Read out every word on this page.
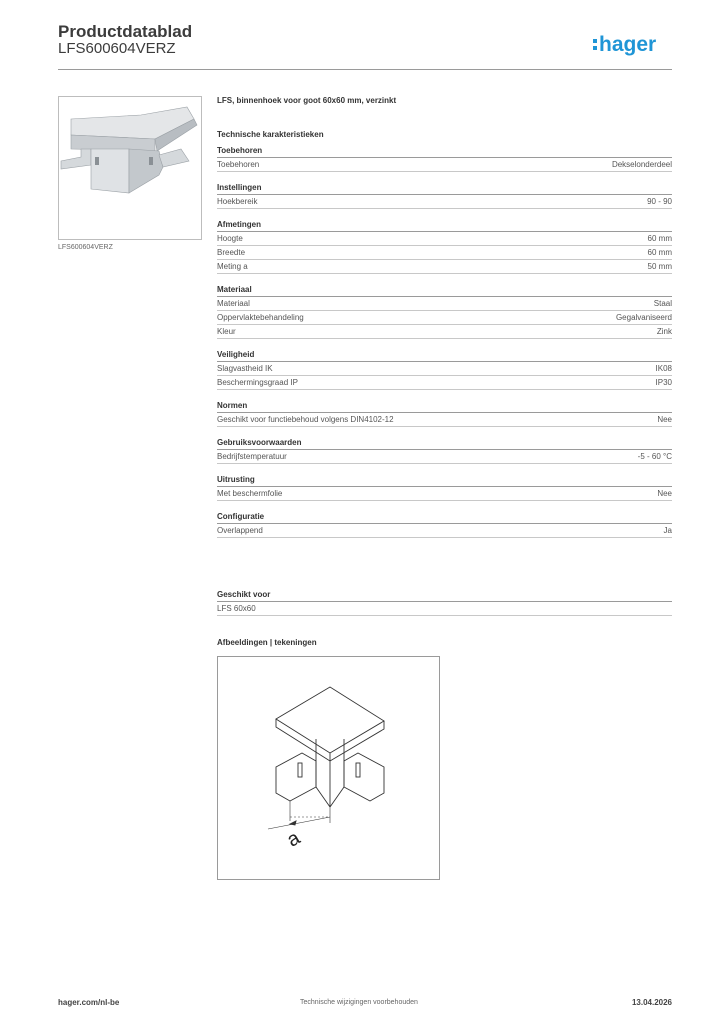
Productdatablad
LFS600604VERZ	hager
LFS600604VERZ
LFS, binnenhoek voor goot 60x60 mm, verzinkt
Technische karakteristieken
Toebehoren
Toebehoren	Dekselonderdeel
Instellingen
Hoekbereik	90 - 90
Afmetingen
Hoogte	60 mm
Breedte	60 mm
Meting a	50 mm
Materiaal
Materiaal	Staal
Oppervlaktebehandeling	Gegalvaniseerd
Kleur	Zink
Veiligheid
Slagvastheid IK	IK08
Beschermingsgraad IP	IP30
Normen
Geschikt voor functiebehoud volgens DIN4102-12	Nee
Gebruiksvoorwaarden
Bedrijfstemperatuur	-5 - 60 °C
Uitrusting
Met beschermfolie	Nee
Configuratie
Overlappend	Ja
Geschikt voor
LFS 60x60
Afbeeldingen | tekeningen
a
hager.com/nl-be	Technische wijzigingen voorbehouden	13.04.2026
